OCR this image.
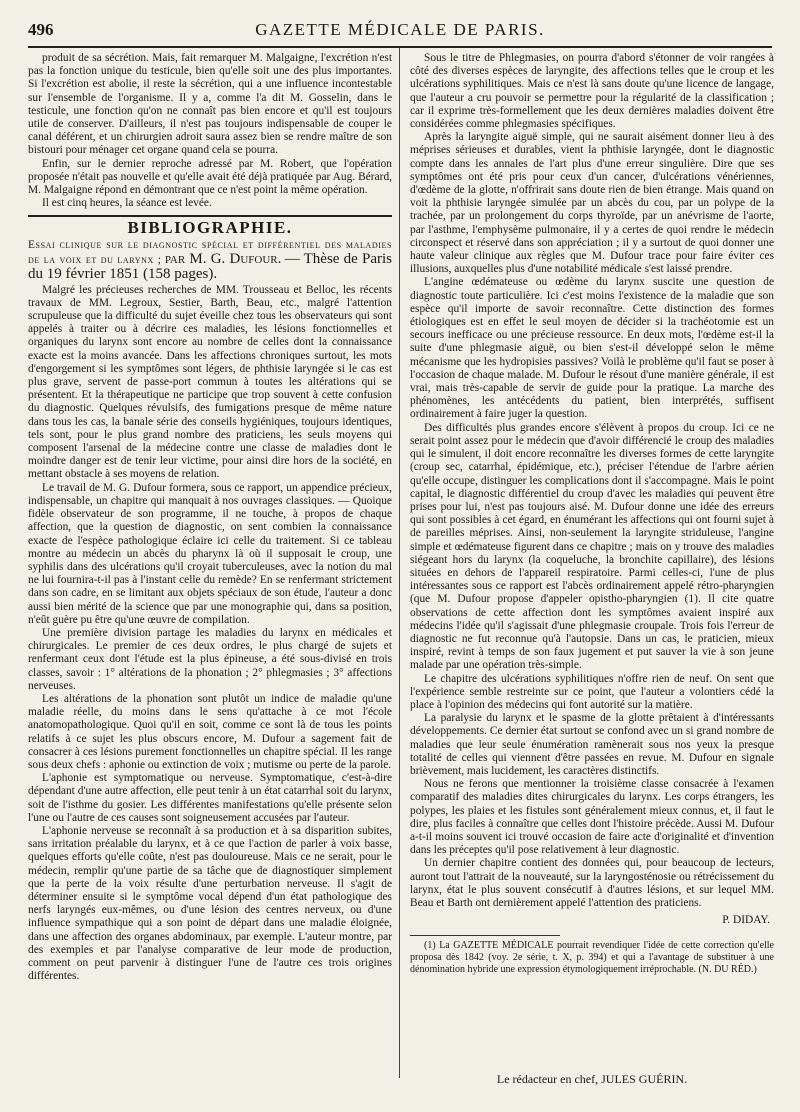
496	GAZETTE MÉDICALE DE PARIS.

produit de sa sécrétion. Mais, fait remarquer M. Malgaigne, l'excrétion n'est pas la fonction unique du testicule, bien qu'elle soit une des plus importantes. Si l'excrétion est abolie, il reste la sécrétion, qui a une influence incontestable sur l'ensemble de l'organisme. Il y a, comme l'a dit M. Gosselin, dans le testicule, une fonction qu'on ne connaît pas bien encore et qu'il est toujours utile de conserver. D'ailleurs, il n'est pas toujours indispensable de couper le canal déférent, et un chirurgien adroit saura assez bien se rendre maître de son bistouri pour ménager cet organe quand cela se pourra.

Enfin, sur le dernier reproche adressé par M. Robert, que l'opération proposée n'était pas nouvelle et qu'elle avait été déjà pratiquée par Aug. Bérard, M. Malgaigne répond en démontrant que ce n'est point la même opération.

Il est cinq heures, la séance est levée.

BIBLIOGRAPHIE.

Essai clinique sur le diagnostic spécial et différentiel des maladies de la voix et du larynx ; par M. G. Dufour. — Thèse de Paris du 19 février 1851 (158 pages).

Malgré les précieuses recherches de MM. Trousseau et Belloc, les récents travaux de MM. Legroux, Sestier, Barth, Beau, etc., malgré l'attention scrupuleuse que la difficulté du sujet éveille chez tous les observateurs qui sont appelés à traiter ou à décrire ces maladies, les lésions fonctionnelles et organiques du larynx sont encore au nombre de celles dont la connaissance exacte est la moins avancée. Dans les affections chroniques surtout, les mots d'engorgement si les symptômes sont légers, de phthisie laryngée si le cas est plus grave, servent de passe-port commun à toutes les altérations qui se présentent. Et la thérapeutique ne participe que trop souvent à cette confusion du diagnostic. Quelques révulsifs, des fumigations presque de même nature dans tous les cas, la banale série des conseils hygiéniques, toujours identiques, tels sont, pour le plus grand nombre des praticiens, les seuls moyens qui composent l'arsenal de la médecine contre une classe de maladies dont le moindre danger est de tenir leur victime, pour ainsi dire hors de la société, en mettant obstacle à ses moyens de relation.

Le travail de M. G. Dufour formera, sous ce rapport, un appendice précieux, indispensable, un chapitre qui manquait à nos ouvrages classiques. — Quoique fidèle observateur de son programme, il ne touche, à propos de chaque affection, que la question de diagnostic, on sent combien la connaissance exacte de l'espèce pathologique éclaire ici celle du traitement. Si ce tableau montre au médecin un abcès du pharynx là où il supposait le croup, une syphilis dans des ulcérations qu'il croyait tuberculeuses, avec la notion du mal ne lui fournira-t-il pas à l'instant celle du remède? En se renfermant strictement dans son cadre, en se limitant aux objets spéciaux de son étude, l'auteur a donc aussi bien mérité de la science que par une monographie qui, dans sa position, n'eût guère pu être qu'une œuvre de compilation.

Une première division partage les maladies du larynx en médicales et chirurgicales. Le premier de ces deux ordres, le plus chargé de sujets et renfermant ceux dont l'étude est la plus épineuse, a été sous-divisé en trois classes, savoir : 1° altérations de la phonation ; 2° phlegmasies ; 3° affections nerveuses.

Les altérations de la phonation sont plutôt un indice de maladie qu'une maladie réelle, du moins dans le sens qu'attache à ce mot l'école anatomopathologique. Quoi qu'il en soit, comme ce sont là de tous les points relatifs à ce sujet les plus obscurs encore, M. Dufour a sagement fait de consacrer à ces lésions purement fonctionnelles un chapitre spécial. Il les range sous deux chefs : aphonie ou extinction de voix ; mutisme ou perte de la parole.

L'aphonie est symptomatique ou nerveuse. Symptomatique, c'est-à-dire dépendant d'une autre affection, elle peut tenir à un état catarrhal soit du larynx, soit de l'isthme du gosier. Les différentes manifestations qu'elle présente selon l'une ou l'autre de ces causes sont soigneusement accusées par l'auteur.

L'aphonie nerveuse se reconnaît à sa production et à sa disparition subites, sans irritation préalable du larynx, et à ce que l'action de parler à voix basse, quelques efforts qu'elle coûte, n'est pas douloureuse. Mais ce ne serait, pour le médecin, remplir qu'une partie de sa tâche que de diagnostiquer simplement que la perte de la voix résulte d'une perturbation nerveuse. Il s'agit de déterminer ensuite si le symptôme vocal dépend d'un état pathologique des nerfs laryngés eux-mêmes, ou d'une lésion des centres nerveux, ou d'une influence sympathique qui a son point de départ dans une maladie éloignée, dans une affection des organes abdominaux, par exemple. L'auteur montre, par des exemples et par l'analyse comparative de leur mode de production, comment on peut parvenir à distinguer l'une de l'autre ces trois origines différentes.

Sous le titre de Phlegmasies, on pourra d'abord s'étonner de voir rangées à côté des diverses espèces de laryngite, des affections telles que le croup et les ulcérations syphilitiques. Mais ce n'est là sans doute qu'une licence de langage, que l'auteur a cru pouvoir se permettre pour la régularité de la classification ; car il exprime très-formellement que les deux dernières maladies doivent être considérées comme phlegmasies spécifiques.

Après la laryngite aiguë simple, qui ne saurait aisément donner lieu à des méprises sérieuses et durables, vient la phthisie laryngée, dont le diagnostic compte dans les annales de l'art plus d'une erreur singulière. Dire que ses symptômes ont été pris pour ceux d'un cancer, d'ulcérations vénériennes, d'œdème de la glotte, n'offrirait sans doute rien de bien étrange. Mais quand on voit la phthisie laryngée simulée par un abcès du cou, par un polype de la trachée, par un prolongement du corps thyroïde, par un anévrisme de l'aorte, par l'asthme, l'emphysème pulmonaire, il y a certes de quoi rendre le médecin circonspect et réservé dans son appréciation ; il y a surtout de quoi donner une haute valeur clinique aux règles que M. Dufour trace pour faire éviter ces illusions, auxquelles plus d'une notabilité médicale s'est laissé prendre.

L'angine œdémateuse ou œdème du larynx suscite une question de diagnostic toute particulière. Ici c'est moins l'existence de la maladie que son espèce qu'il importe de savoir reconnaître. Cette distinction des formes étiologiques est en effet le seul moyen de décider si la trachéotomie est un secours inefficace ou une précieuse ressource. En deux mots, l'œdème est-il la suite d'une phlegmasie aiguë, ou bien s'est-il développé selon le même mécanisme que les hydropisies passives? Voilà le problème qu'il faut se poser à l'occasion de chaque malade. M. Dufour le résout d'une manière générale, il est vrai, mais très-capable de servir de guide pour la pratique. La marche des phénomènes, les antécédents du patient, bien interprétés, suffisent ordinairement à faire juger la question.

Des difficultés plus grandes encore s'élèvent à propos du croup. Ici ce ne serait point assez pour le médecin que d'avoir différencié le croup des maladies qui le simulent, il doit encore reconnaître les diverses formes de cette laryngite (croup sec, catarrhal, épidémique, etc.), préciser l'étendue de l'arbre aérien qu'elle occupe, distinguer les complications dont il s'accompagne. Mais le point capital, le diagnostic différentiel du croup d'avec les maladies qui peuvent être prises pour lui, n'est pas toujours aisé. M. Dufour donne une idée des erreurs qui sont possibles à cet égard, en énumérant les affections qui ont fourni sujet à de pareilles méprises. Ainsi, non-seulement la laryngite striduleuse, l'angine simple et œdémateuse figurent dans ce chapitre ; mais on y trouve des maladies siégeant hors du larynx (la coqueluche, la bronchite capillaire), des lésions situées en dehors de l'appareil respiratoire. Parmi celles-ci, l'une de plus intéressantes sous ce rapport est l'abcès ordinairement appelé rétro-pharyngien (que M. Dufour propose d'appeler opistho-pharyngien (1). Il cite quatre observations de cette affection dont les symptômes avaient inspiré aux médecins l'idée qu'il s'agissait d'une phlegmasie croupale. Trois fois l'erreur de diagnostic ne fut reconnue qu'à l'autopsie. Dans un cas, le praticien, mieux inspiré, revint à temps de son faux jugement et put sauver la vie à son jeune malade par une opération très-simple.

Le chapitre des ulcérations syphilitiques n'offre rien de neuf. On sent que l'expérience semble restreinte sur ce point, que l'auteur a volontiers cédé la place à l'opinion des médecins qui font autorité sur la matière.

La paralysie du larynx et le spasme de la glotte prêtaient à d'intéressants développements. Ce dernier état surtout se confond avec un si grand nombre de maladies que leur seule énumération ramènerait sous nos yeux la presque totalité de celles qui viennent d'être passées en revue. M. Dufour en signale brièvement, mais lucidement, les caractères distinctifs.

Nous ne ferons que mentionner la troisième classe consacrée à l'examen comparatif des maladies dites chirurgicales du larynx. Les corps étrangers, les polypes, les plaies et les fistules sont généralement mieux connus, et, il faut le dire, plus faciles à connaître que celles dont l'histoire précède. Aussi M. Dufour a-t-il moins souvent ici trouvé occasion de faire acte d'originalité et d'invention dans les préceptes qu'il pose relativement à leur diagnostic.

Un dernier chapitre contient des données qui, pour beaucoup de lecteurs, auront tout l'attrait de la nouveauté, sur la laryngosténosie ou rétrécissement du larynx, état le plus souvent consécutif à d'autres lésions, et sur lequel MM. Beau et Barth ont dernièrement appelé l'attention des praticiens.

P. DIDAY.

(1) La GAZETTE MÉDICALE pourrait revendiquer l'idée de cette correction qu'elle proposa dès 1842 (voy. 2e série, t. X, p. 394) et qui a l'avantage de substituer à une dénomination hybride une expression étymologiquement irréprochable. (N. DU RÉD.)

Le rédacteur en chef, JULES GUÉRIN.
